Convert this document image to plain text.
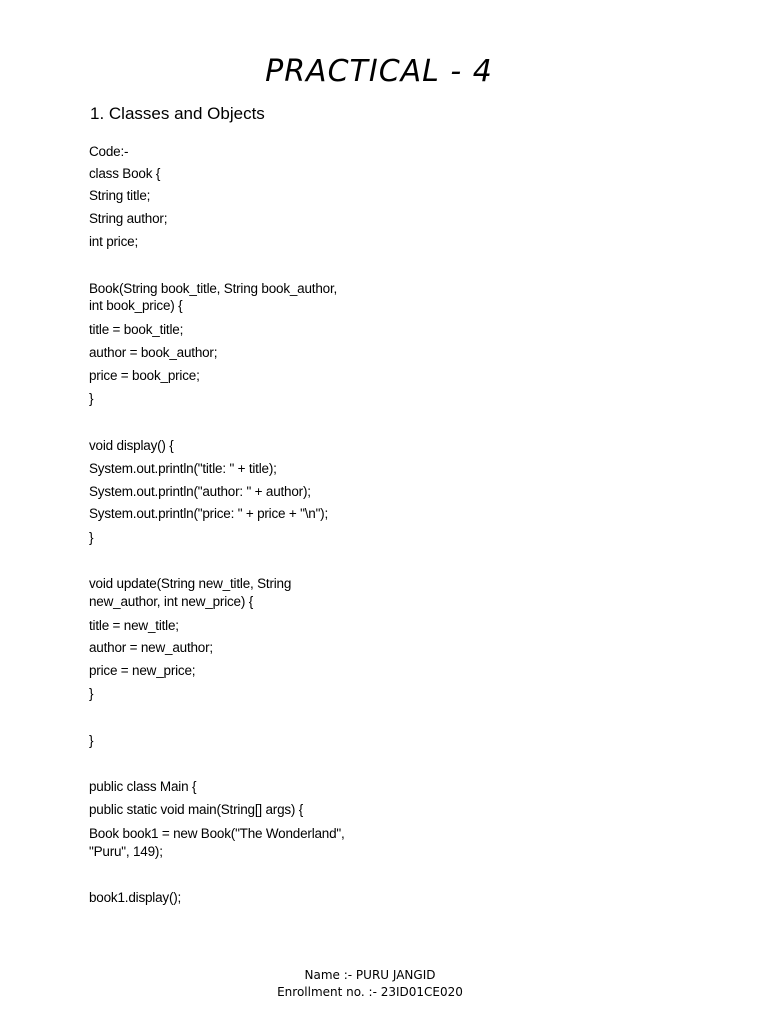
PRACTICAL - 4
1. Classes and Objects
Code:-
class Book {
String title;
String author;
int price;
Book(String book_title, String book_author,
int book_price) {
title = book_title;
author = book_author;
price = book_price;
}
void display() {
System.out.println("title: " + title);
System.out.println("author: " + author);
System.out.println("price: " + price + "\n");
}
void update(String new_title, String
new_author, int new_price) {
title = new_title;
author = new_author;
price = new_price;
}
}
public class Main {
public static void main(String[] args) {
Book book1 = new Book("The Wonderland",
"Puru", 149);
book1.display();
Name :- PURU JANGID
Enrollment no. :- 23ID01CE020
